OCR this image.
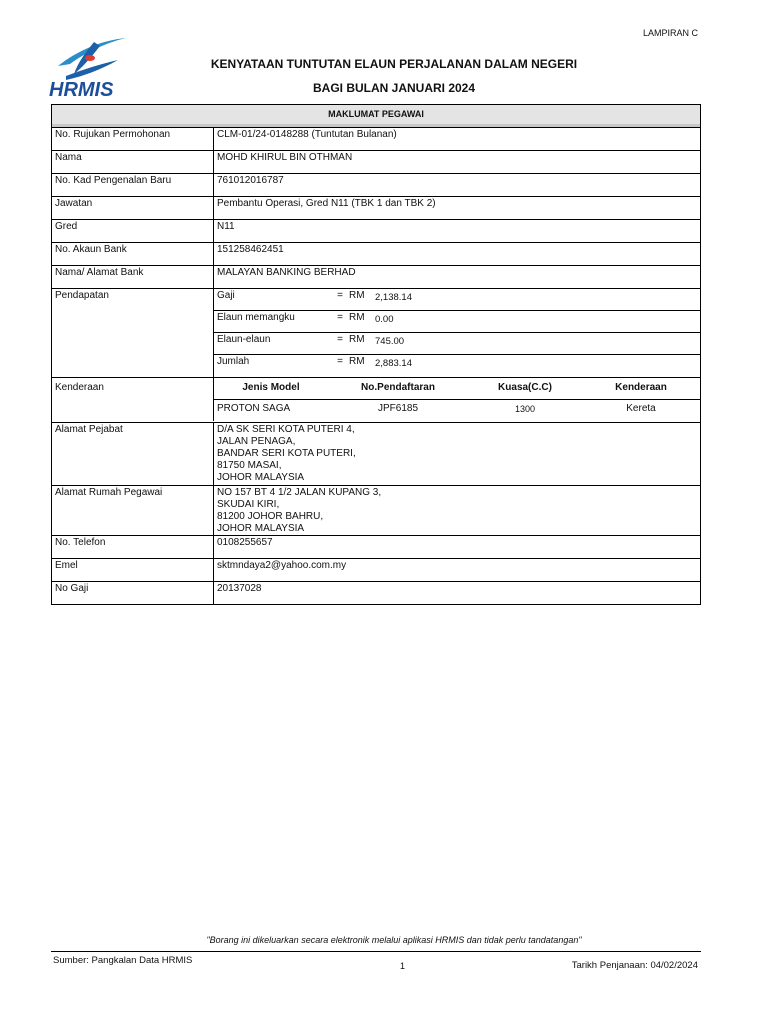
LAMPIRAN C
HRMIS
KENYATAAN TUNTUTAN ELAUN PERJALANAN DALAM NEGERI
BAGI BULAN JANUARI 2024
MAKLUMAT PEGAWAI
No. Rujukan Permohonan	CLM-01/24-0148288 (Tuntutan Bulanan)
Nama	MOHD KHIRUL BIN OTHMAN
No. Kad Pengenalan Baru	761012016787
Jawatan	Pembantu Operasi, Gred N11 (TBK 1 dan TBK 2)
Gred	N11
No. Akaun Bank	151258462451
Nama/ Alamat Bank	MALAYAN BANKING BERHAD
Pendapatan	Gaji	= RM	2,138.14
Elaun memangku	= RM	0.00
Elaun-elaun	= RM	745.00
Jumlah	= RM	2,883.14
Kenderaan	Jenis Model	No.Pendaftaran	Kuasa(C.C)	Kenderaan
PROTON SAGA	JPF6185	1300	Kereta
Alamat Pejabat	D/A SK SERI KOTA PUTERI 4,
JALAN PENAGA,
BANDAR SERI KOTA PUTERI,
81750 MASAI,
JOHOR MALAYSIA
Alamat Rumah Pegawai	NO 157 BT 4 1/2 JALAN KUPANG 3,
SKUDAI KIRI,
81200 JOHOR BAHRU,
JOHOR MALAYSIA
No. Telefon	0108255657
Emel	sktmndaya2@yahoo.com.my
No Gaji	20137028
"Borang ini dikeluarkan secara elektronik melalui aplikasi HRMIS dan tidak perlu tandatangan"
Sumber: Pangkalan Data HRMIS	1	Tarikh Penjanaan: 04/02/2024
